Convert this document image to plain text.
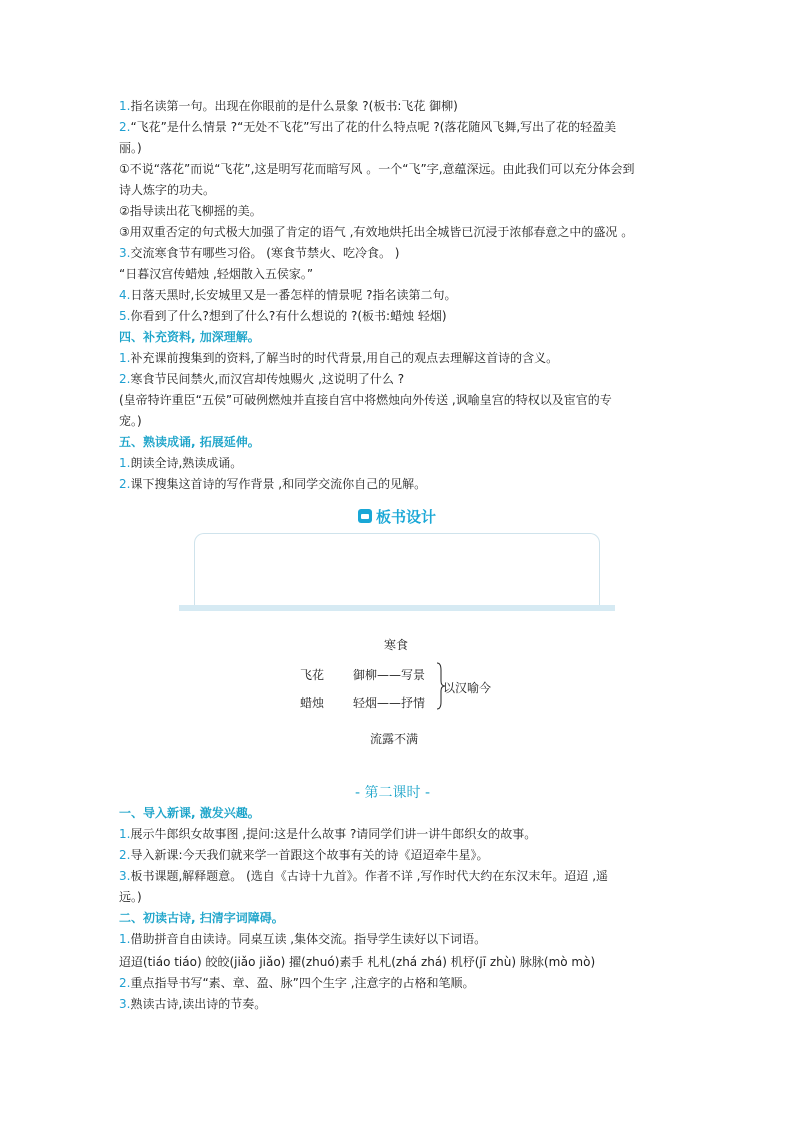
1.指名读第一句。出现在你眼前的是什么景象 ?(板书:飞花 御柳)
2.“飞花”是什么情景 ?“无处不飞花”写出了花的什么特点呢 ?(落花随风飞舞,写出了花的轻盈美
丽。)
①不说“落花”而说“飞花”,这是明写花而暗写风 。一个“飞”字,意蕴深远。由此我们可以充分体会到
诗人炼字的功夫。
②指导读出花飞柳摇的美。
③用双重否定的句式极大加强了肯定的语气 ,有效地烘托出全城皆已沉浸于浓郁春意之中的盛况 。
3.交流寒食节有哪些习俗。 (寒食节禁火、吃冷食。 )
“日暮汉宫传蜡烛 ,轻烟散入五侯家。”
4.日落天黑时,长安城里又是一番怎样的情景呢 ?指名读第二句。
5.你看到了什么?想到了什么?有什么想说的 ?(板书:蜡烛 轻烟)
四、补充资料, 加深理解。
1.补充课前搜集到的资料,了解当时的时代背景,用自己的观点去理解这首诗的含义。
2.寒食节民间禁火,而汉宫却传烛赐火 ,这说明了什么 ?
(皇帝特许重臣“五侯”可破例燃烛并直接自宫中将燃烛向外传送 ,讽喻皇宫的特权以及宦官的专
宠。)
五、熟读成诵, 拓展延伸。
1.朗读全诗,熟读成诵。
2.课下搜集这首诗的写作背景 ,和同学交流你自己的见解。
板书设计
寒食
飞花 御柳——写景
蜡烛 轻烟——抒情
以汉喻今
流露不满
- 第二课时 -
一、导入新课, 激发兴趣。
1.展示牛郎织女故事图 ,提问:这是什么故事 ?请同学们讲一讲牛郎织女的故事。
2.导入新课:今天我们就来学一首跟这个故事有关的诗《迢迢牵牛星》。
3.板书课题,解释题意。 (选自《古诗十九首》。作者不详 ,写作时代大约在东汉末年。迢迢 ,遥
远。)
二、初读古诗, 扫清字词障碍。
1.借助拼音自由读诗。同桌互读 ,集体交流。指导学生读好以下词语。
迢迢(tiáo tiáo) 皎皎(jiǎo jiǎo) 擢(zhuó)素手 札札(zhá zhá) 机杼(jī zhù) 脉脉(mò mò)
2.重点指导书写“素、章、盈、脉”四个生字 ,注意字的占格和笔顺。
3.熟读古诗,读出诗的节奏。
